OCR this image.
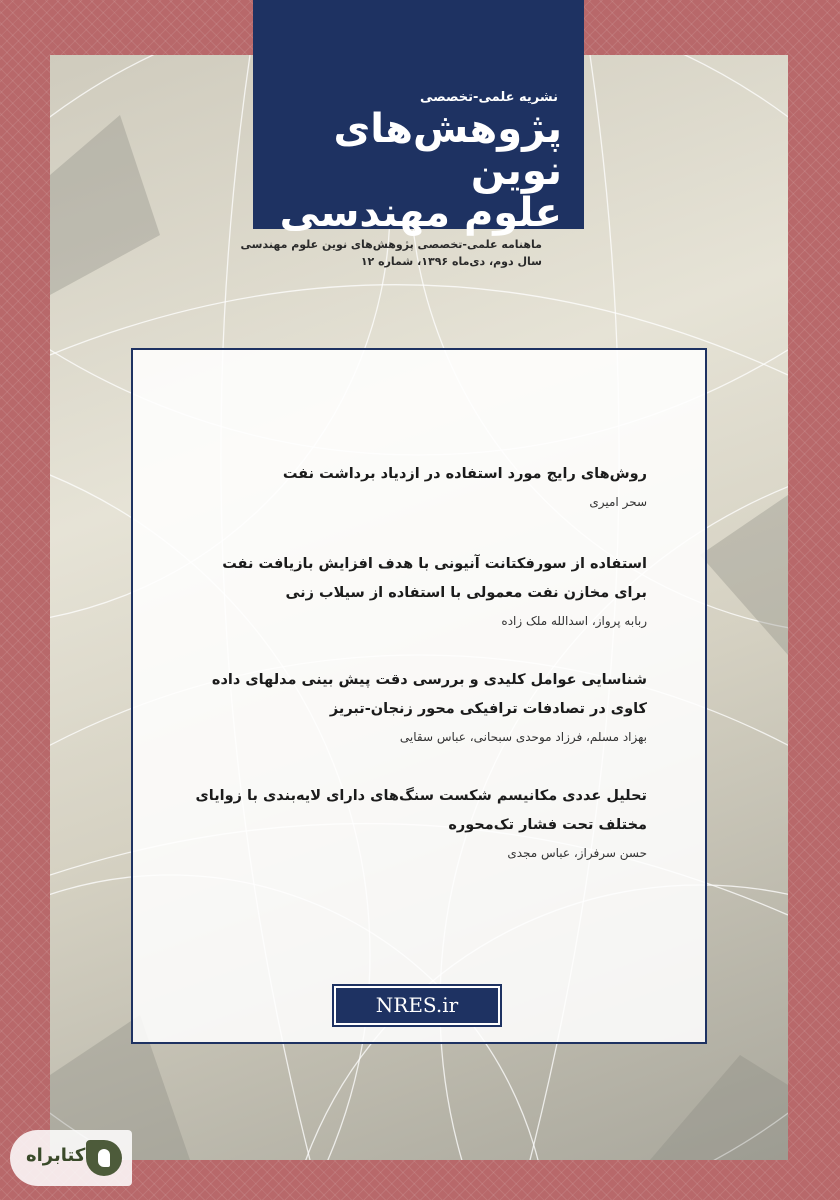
نشریه علمی-تخصصی
پژوهش‌های نوین
علوم مهندسی
ماهنامه علمی-تخصصی پژوهش‌های نوین علوم مهندسی
سال دوم، دی‌ماه ۱۳۹۶، شماره ۱۲
روش‌های رایج مورد استفاده در ازدیاد برداشت نفت
سحر امیری
استفاده از سورفکتانت آنیونی با هدف افزایش بازیافت نفت برای مخازن نفت معمولی با استفاده از سیلاب زنی
ربابه پرواز، اسدالله ملک زاده
شناسایی عوامل کلیدی و بررسی دقت پیش بینی مدلهای داده کاوی در تصادفات ترافیکی محور زنجان-تبریز
بهزاد مسلم، فرزاد موحدی سبحانی، عباس سقایی
تحلیل عددی مکانیسم شکست سنگ‌های دارای لایه‌بندی با زوایای مختلف تحت فشار تک‌محوره
حسن سرفراز، عباس مجدی
NRES.ir
کتابراه
